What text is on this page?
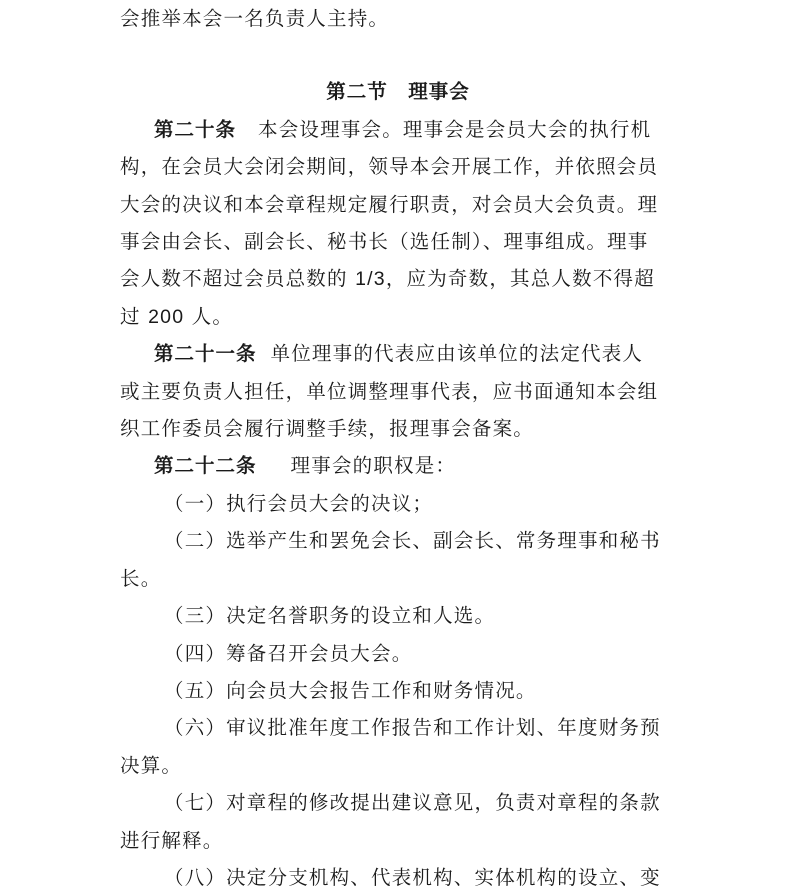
会推举本会一名负责人主持。
第二节　理事会
第二十条 本会设理事会。理事会是会员大会的执行机
构，在会员大会闭会期间，领导本会开展工作，并依照会员
大会的决议和本会章程规定履行职责，对会员大会负责。理
事会由会长、副会长、秘书长（选任制）、理事组成。理事
会人数不超过会员总数的 1/3，应为奇数，其总人数不得超
过 200 人。
第二十一条 单位理事的代表应由该单位的法定代表人
或主要负责人担任，单位调整理事代表，应书面通知本会组
织工作委员会履行调整手续，报理事会备案。
第二十二条 理事会的职权是：
（一）执行会员大会的决议；
（二）选举产生和罢免会长、副会长、常务理事和秘书
长。
（三）决定名誉职务的设立和人选。
（四）筹备召开会员大会。
（五）向会员大会报告工作和财务情况。
（六）审议批准年度工作报告和工作计划、年度财务预
决算。
（七）对章程的修改提出建议意见，负责对章程的条款
进行解释。
（八）决定分支机构、代表机构、实体机构的设立、变
